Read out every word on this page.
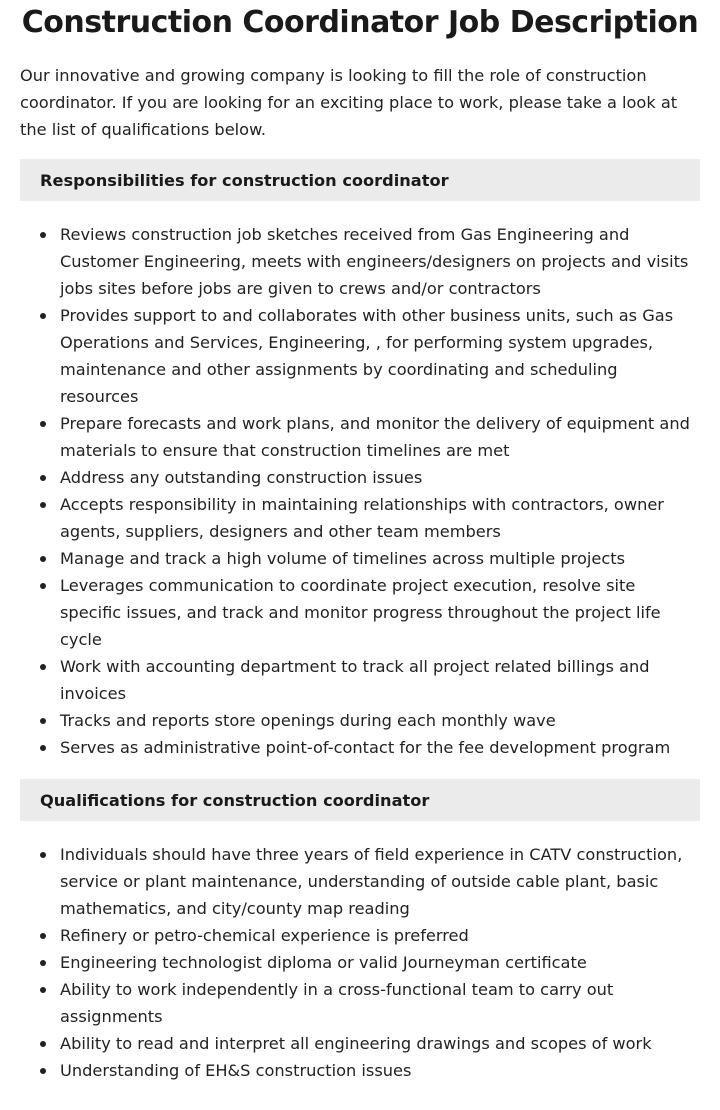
Construction Coordinator Job Description

Our innovative and growing company is looking to fill the role of construction coordinator. If you are looking for an exciting place to work, please take a look at the list of qualifications below.

Responsibilities for construction coordinator
Reviews construction job sketches received from Gas Engineering and Customer Engineering, meets with engineers/designers on projects and visits jobs sites before jobs are given to crews and/or contractors
Provides support to and collaborates with other business units, such as Gas Operations and Services, Engineering, , for performing system upgrades, maintenance and other assignments by coordinating and scheduling resources
Prepare forecasts and work plans, and monitor the delivery of equipment and materials to ensure that construction timelines are met
Address any outstanding construction issues
Accepts responsibility in maintaining relationships with contractors, owner agents, suppliers, designers and other team members
Manage and track a high volume of timelines across multiple projects
Leverages communication to coordinate project execution, resolve site specific issues, and track and monitor progress throughout the project life cycle
Work with accounting department to track all project related billings and invoices
Tracks and reports store openings during each monthly wave
Serves as administrative point-of-contact for the fee development program
Qualifications for construction coordinator
Individuals should have three years of field experience in CATV construction, service or plant maintenance, understanding of outside cable plant, basic mathematics, and city/county map reading
Refinery or petro-chemical experience is preferred
Engineering technologist diploma or valid Journeyman certificate
Ability to work independently in a cross-functional team to carry out assignments
Ability to read and interpret all engineering drawings and scopes of work
Understanding of EH&S construction issues
